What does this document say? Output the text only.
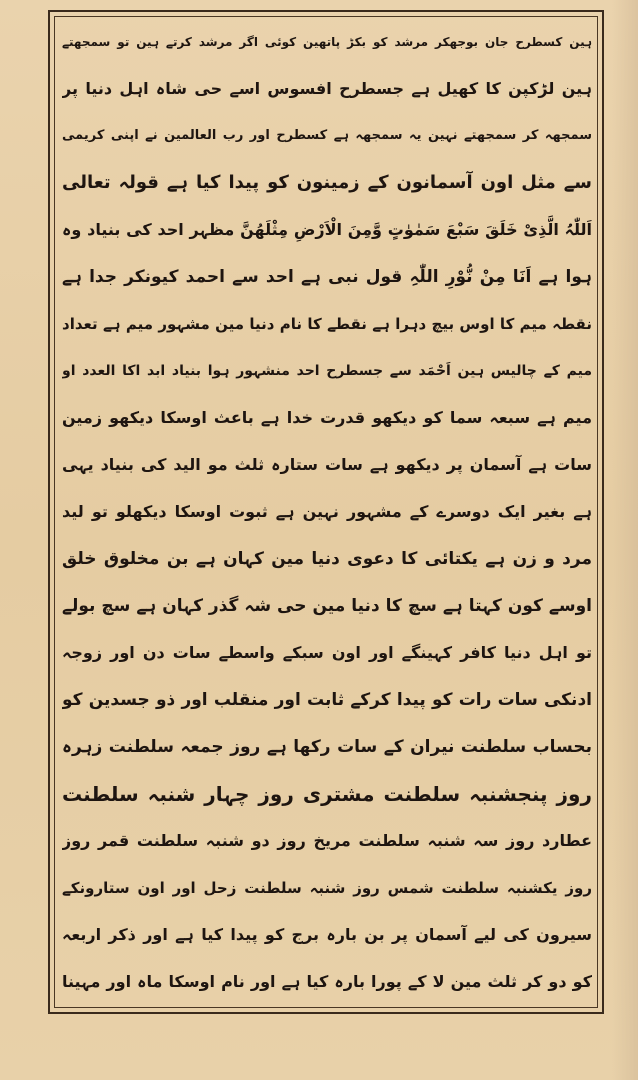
ہین کسطرح جان بوجھکر مرشد کو بکڑ پاتھین کوئی اگر مرشد کرتے ہین تو سمجھتے
ہین لڑکپن کا کھیل ہے جسطرح افسوس اسے حی شاہ اہل دنیا پر
سمجھہ کر سمجھتے نہین یہ سمجھہ ہے کسطرح اور رب العالمین نے اپنی کریمی
سے مثل اون آسمانون کے زمینون کو پیدا کیا ہے قولہ تعالی
اَللّٰہُ الَّذِیْ خَلَقَ سَبْعَ سَمٰوٰتٍ وَّمِنَ الْاَرْضِ مِثْلَهُنَّ مظہر احد کی بنیاد وہ
ہوا ہے اَنَا مِنْ نُّوْرِ اللّٰہِ قول نبی ہے احد سے احمد کیونکر جدا ہے
نقطہ میم کا اوس بیچ دہرا ہے نقطے کا نام دنیا مین مشہور میم ہے تعداد
میم کے چالیس ہین اَحْمَد سے جسطرح احد منشہور ہوا بنیاد ابد اکا العدد او
میم ہے سبعہ سما کو دیکھو قدرت خدا ہے باعث اوسکا دیکھو زمین
سات ہے آسمان پر دیکھو ہے سات ستارہ ثلث مو الید کی بنیاد یہی
ہے بغیر ایک دوسرے کے مشہور نہین ہے ثبوت اوسکا دیکھلو تو لید
مرد و زن ہے یکتائی کا دعوی دنیا مین کہان ہے بن مخلوق خلق
اوسے کون کہتا ہے سچ کا دنیا مین حی شہ گذر کہان ہے سچ بولے
تو اہل دنیا کافر کہینگے اور اون سبکے واسطے سات دن اور زوجہ
ادنکی سات رات کو پیدا کرکے ثابت اور منقلب اور ذو جسدین کو
بحساب سلطنت نیران کے سات رکھا ہے روز جمعہ سلطنت زہرہ
روز پنجشنبہ سلطنت مشتری روز چہار شنبہ سلطنت
عطارد روز سہ شنبہ سلطنت مریخ روز دو شنبہ سلطنت قمر روز
روز یکشنبہ سلطنت شمس روز شنبہ سلطنت زحل اور اون ستارونکے
سیرون کی لیے آسمان پر بن بارہ برج کو پیدا کیا ہے اور ذکر اربعہ
کو دو کر ثلث مین لا کے پورا بارہ کیا ہے اور نام اوسکا ماہ اور مہینا
